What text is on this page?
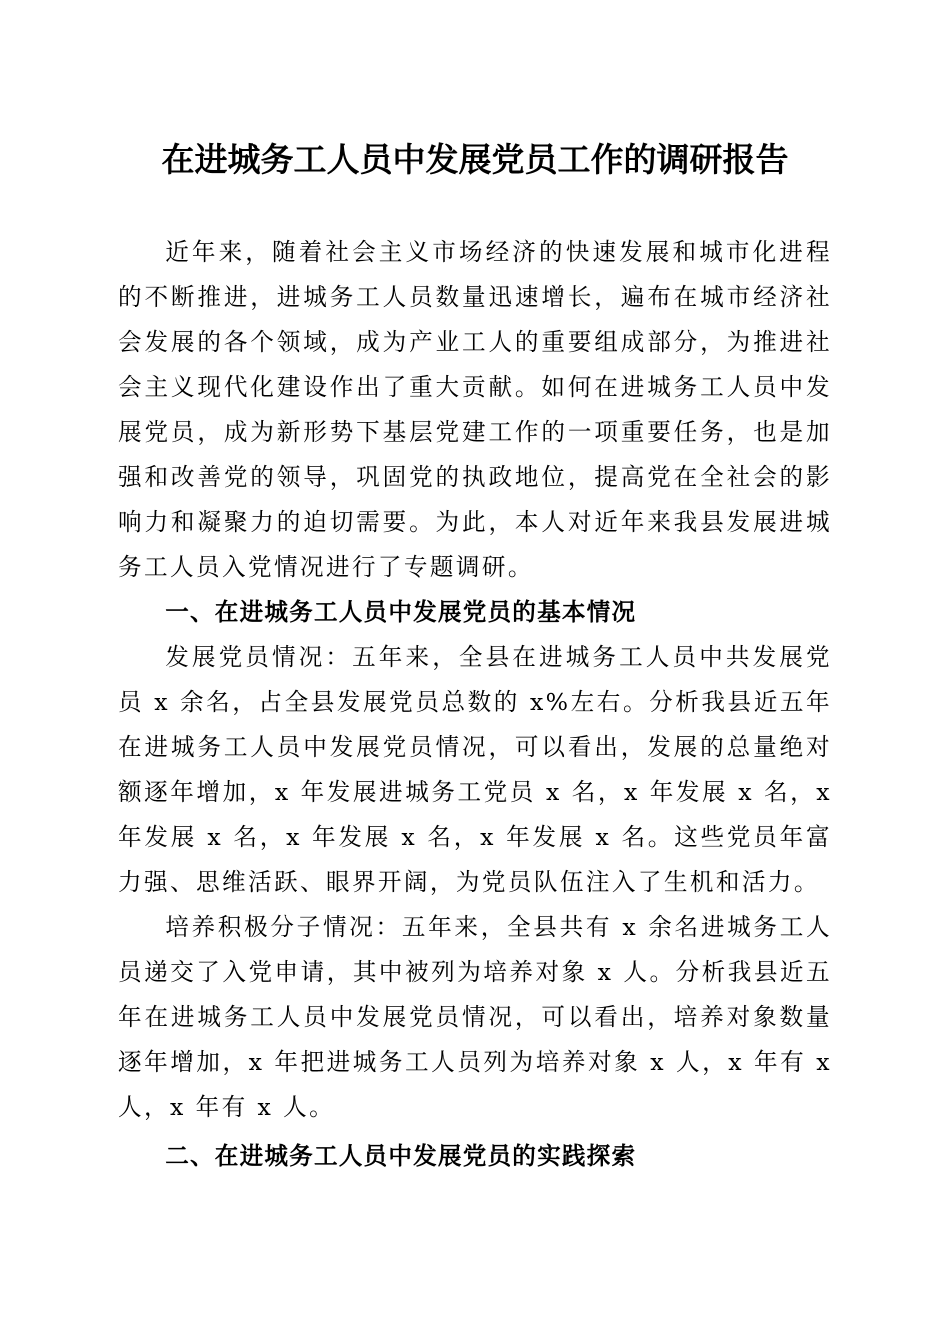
在进城务工人员中发展党员工作的调研报告

近年来，随着社会主义市场经济的快速发展和城市化进程的不断推进，进城务工人员数量迅速增长，遍布在城市经济社会发展的各个领域，成为产业工人的重要组成部分，为推进社会主义现代化建设作出了重大贡献。如何在进城务工人员中发展党员，成为新形势下基层党建工作的一项重要任务，也是加强和改善党的领导，巩固党的执政地位，提高党在全社会的影响力和凝聚力的迫切需要。为此，本人对近年来我县发展进城务工人员入党情况进行了专题调研。

一、在进城务工人员中发展党员的基本情况

发展党员情况：五年来，全县在进城务工人员中共发展党员 x 余名，占全县发展党员总数的 x%左右。分析我县近五年在进城务工人员中发展党员情况，可以看出，发展的总量绝对额逐年增加，x 年发展进城务工党员 x 名，x 年发展 x 名，x 年发展 x 名，x 年发展 x 名，x 年发展 x 名。这些党员年富力强、思维活跃、眼界开阔，为党员队伍注入了生机和活力。

培养积极分子情况：五年来，全县共有 x 余名进城务工人员递交了入党申请，其中被列为培养对象 x 人。分析我县近五年在进城务工人员中发展党员情况，可以看出，培养对象数量逐年增加，x 年把进城务工人员列为培养对象 x 人，x 年有 x 人，x 年有 x 人。

二、在进城务工人员中发展党员的实践探索
